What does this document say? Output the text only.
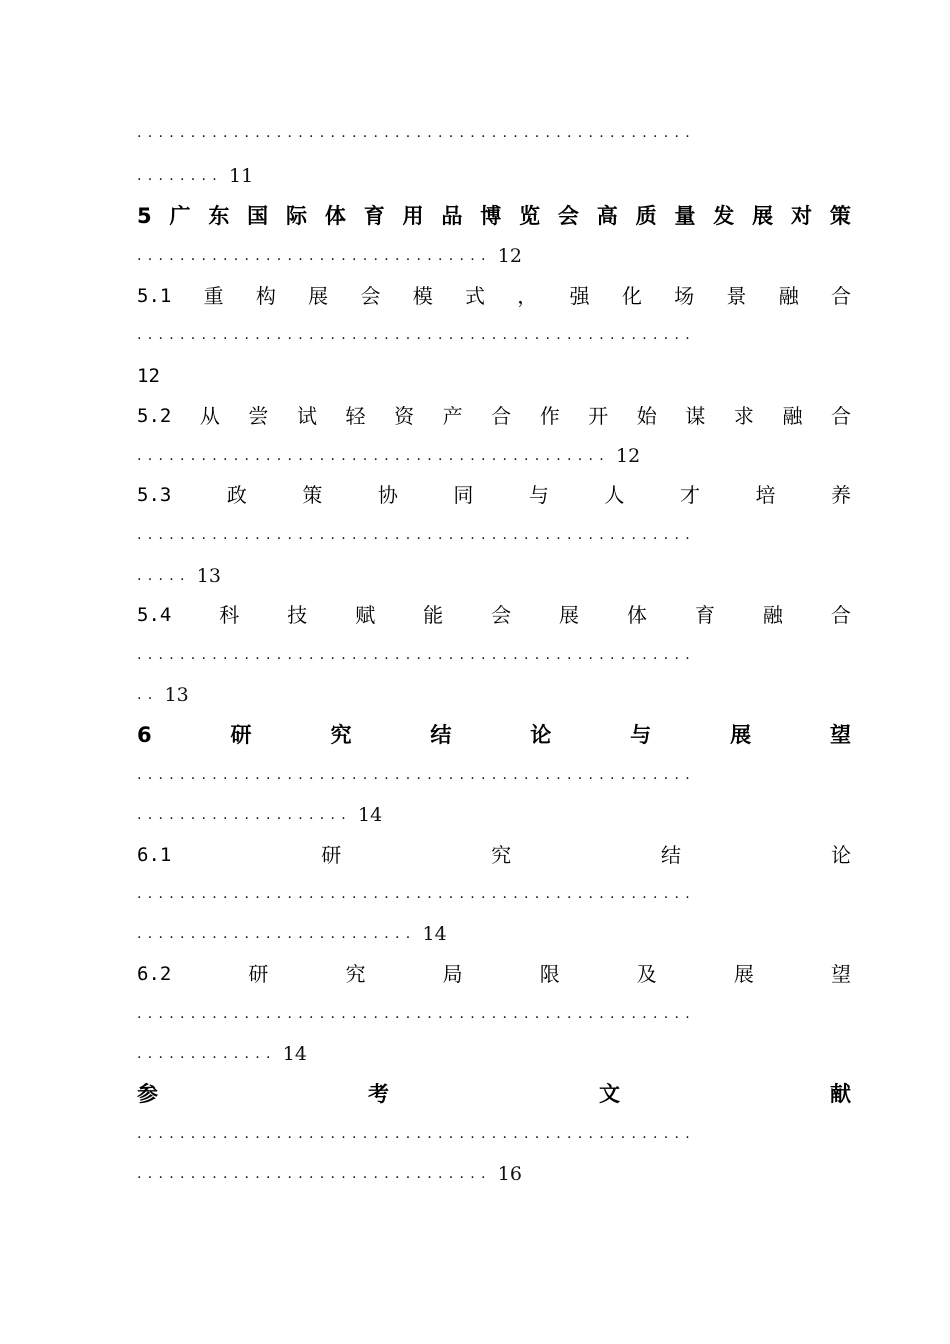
....................................................
........ 11
5 广 东 国 际 体 育 用 品 博 览 会 高 质 量 发 展 对 策
................................. 12
5.1 重 构 展 会 模 式 ， 强 化 场 景 融 合
....................................................
12
5.2 从 尝 试 轻 资 产 合 作 开 始 谋 求 融 合
............................................ 12
5.3	政	策	协	同	与	人	才	培	养
....................................................
..... 13
5.4 科 技 赋 能 会 展 体 育 融 合
....................................................
.. 13
6	研	究	结	论	与	展	望
....................................................
.................... 14
6.1	研	究	结	论
....................................................
.......................... 14
6.2	研	究	局	限	及	展	望
....................................................
............. 14
参	考	文	献
....................................................
................................. 16
